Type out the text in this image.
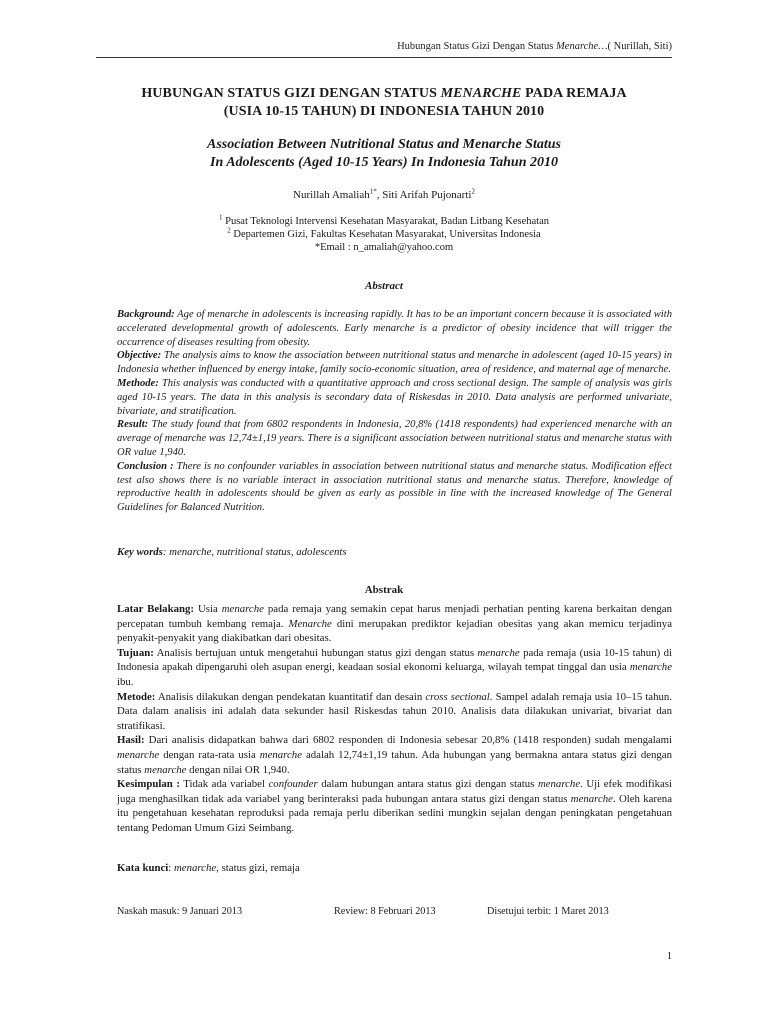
Hubungan Status Gizi Dengan Status Menarche…( Nurillah, Siti)
HUBUNGAN STATUS GIZI DENGAN STATUS MENARCHE PADA REMAJA
(USIA 10-15 TAHUN) DI INDONESIA TAHUN 2010
Association Between Nutritional Status and Menarche Status
In Adolescents (Aged 10-15 Years) In Indonesia Tahun 2010
Nurillah Amaliah$^{1*}$, Siti Arifah Pujonarti$^2$
$^1$ Pusat Teknologi Intervensi Kesehatan Masyarakat, Badan Litbang Kesehatan
$^2$ Departemen Gizi, Fakultas Kesehatan Masyarakat, Universitas Indonesia
*Email : n_amaliah@yahoo.com
Abstract

Background: Age of menarche in adolescents is increasing rapidly. It has to be an important concern because it is associated with accelerated developmental growth of adolescents. Early menarche is a predictor of obesity incidence that will trigger the occurrence of diseases resulting from obesity.

Objective: The analysis aims to know the association between nutritional status and menarche in adolescent (aged 10-15 years) in Indonesia whether influenced by energy intake, family socio-economic situation, area of residence, and maternal age of menarche.

Methode: This analysis was conducted with a quantitative approach and cross sectional design. The sample of analysis was girls aged 10-15 years. The data in this analysis is secondary data of Riskesdas in 2010. Data analysis are performed univariate, bivariate, and stratification.

Result: The study found that from 6802 respondents in Indonesia, 20,8% (1418 respondents) had experienced menarche with an average of menarche was 12,74±1,19 years. There is a significant association between nutritional status and menarche status with OR value 1,940.

Conclusion : There is no confounder variables in association between nutritional status and menarche status. Modification effect test also shows there is no variable interact in association nutritional status and menarche status. Therefore, knowledge of reproductive health in adolescents should be given as early as possible in line with the increased knowledge of The General Guidelines for Balanced Nutrition.

Key words: menarche, nutritional status, adolescents
Abstrak

Latar Belakang: Usia menarche pada remaja yang semakin cepat harus menjadi perhatian penting karena berkaitan dengan percepatan tumbuh kembang remaja. Menarche dini merupakan prediktor kejadian obesitas yang akan memicu terjadinya penyakit-penyakit yang diakibatkan dari obesitas.

Tujuan: Analisis bertujuan untuk mengetahui hubungan status gizi dengan status menarche pada remaja (usia 10-15 tahun) di Indonesia apakah dipengaruhi oleh asupan energi, keadaan sosial ekonomi keluarga, wilayah tempat tinggal dan usia menarche ibu.

Metode: Analisis dilakukan dengan pendekatan kuantitatif dan desain cross sectional. Sampel adalah remaja usia 10–15 tahun. Data dalam analisis ini adalah data sekunder hasil Riskesdas tahun 2010. Analisis data dilakukan univariat, bivariat dan stratifikasi.

Hasil: Dari analisis didapatkan bahwa dari 6802 responden di Indonesia sebesar 20,8% (1418 responden) sudah mengalami menarche dengan rata-rata usia menarche adalah 12,74±1,19 tahun. Ada hubungan yang bermakna antara status gizi dengan status menarche dengan nilai OR 1,940.

Kesimpulan : Tidak ada variabel confounder dalam hubungan antara status gizi dengan status menarche. Uji efek modifikasi juga menghasilkan tidak ada variabel yang berinteraksi pada hubungan antara status gizi dengan status menarche. Oleh karena itu pengetahuan kesehatan reproduksi pada remaja perlu diberikan sedini mungkin sejalan dengan peningkatan pengetahuan tentang Pedoman Umum Gizi Seimbang.

Kata kunci: menarche, status gizi, remaja
Naskah masuk: 9 Januari 2013	Review: 8 Februari 2013	Disetujui terbit: 1 Maret 2013
1
